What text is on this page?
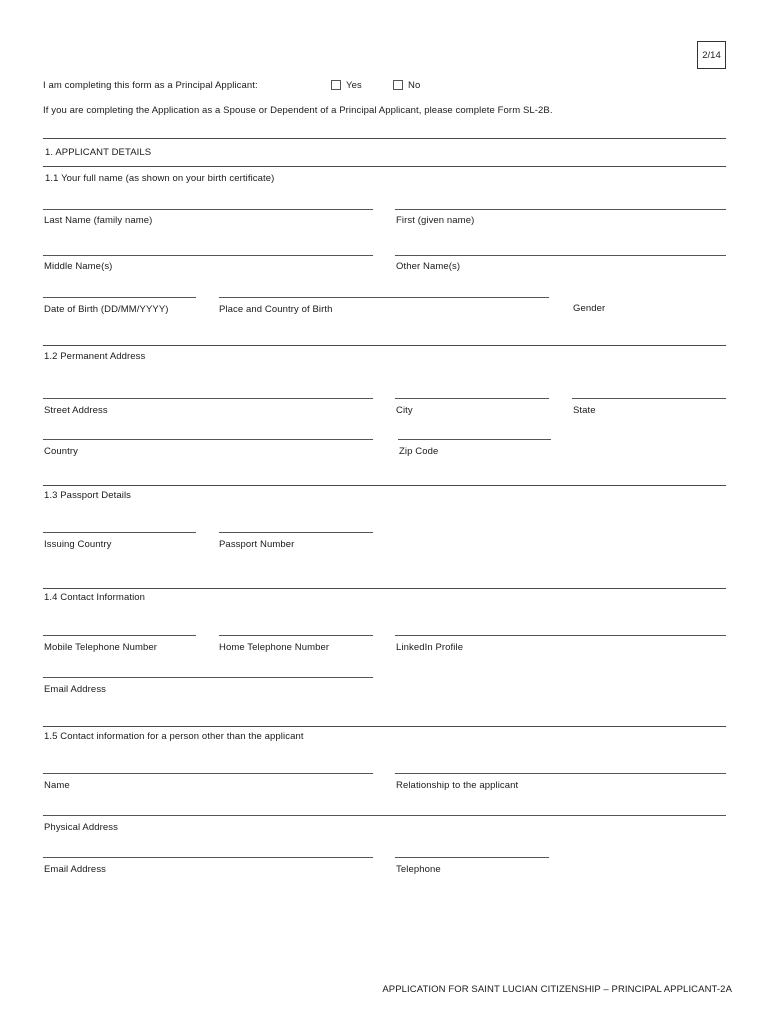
2/14
I am completing this form as a Principal Applicant:	Yes	No
If you are completing the Application as a Spouse or Dependent of a Principal Applicant, please complete Form SL-2B.
1. APPLICANT DETAILS
1.1 Your full name (as shown on your birth certificate)
Last Name (family name)	First (given name)
Middle Name(s)	Other Name(s)
Date of Birth (DD/MM/YYYY)	Place and Country of Birth	Gender
1.2 Permanent Address
Street Address	City	State
Country	Zip Code
1.3 Passport Details
Issuing Country	Passport Number
1.4 Contact Information
Mobile Telephone Number	Home Telephone Number	LinkedIn Profile
Email Address
1.5 Contact information for a person other than the applicant
Name	Relationship to the applicant
Physical Address
Email Address	Telephone
APPLICATION FOR SAINT LUCIAN CITIZENSHIP – PRINCIPAL APPLICANT-2A
